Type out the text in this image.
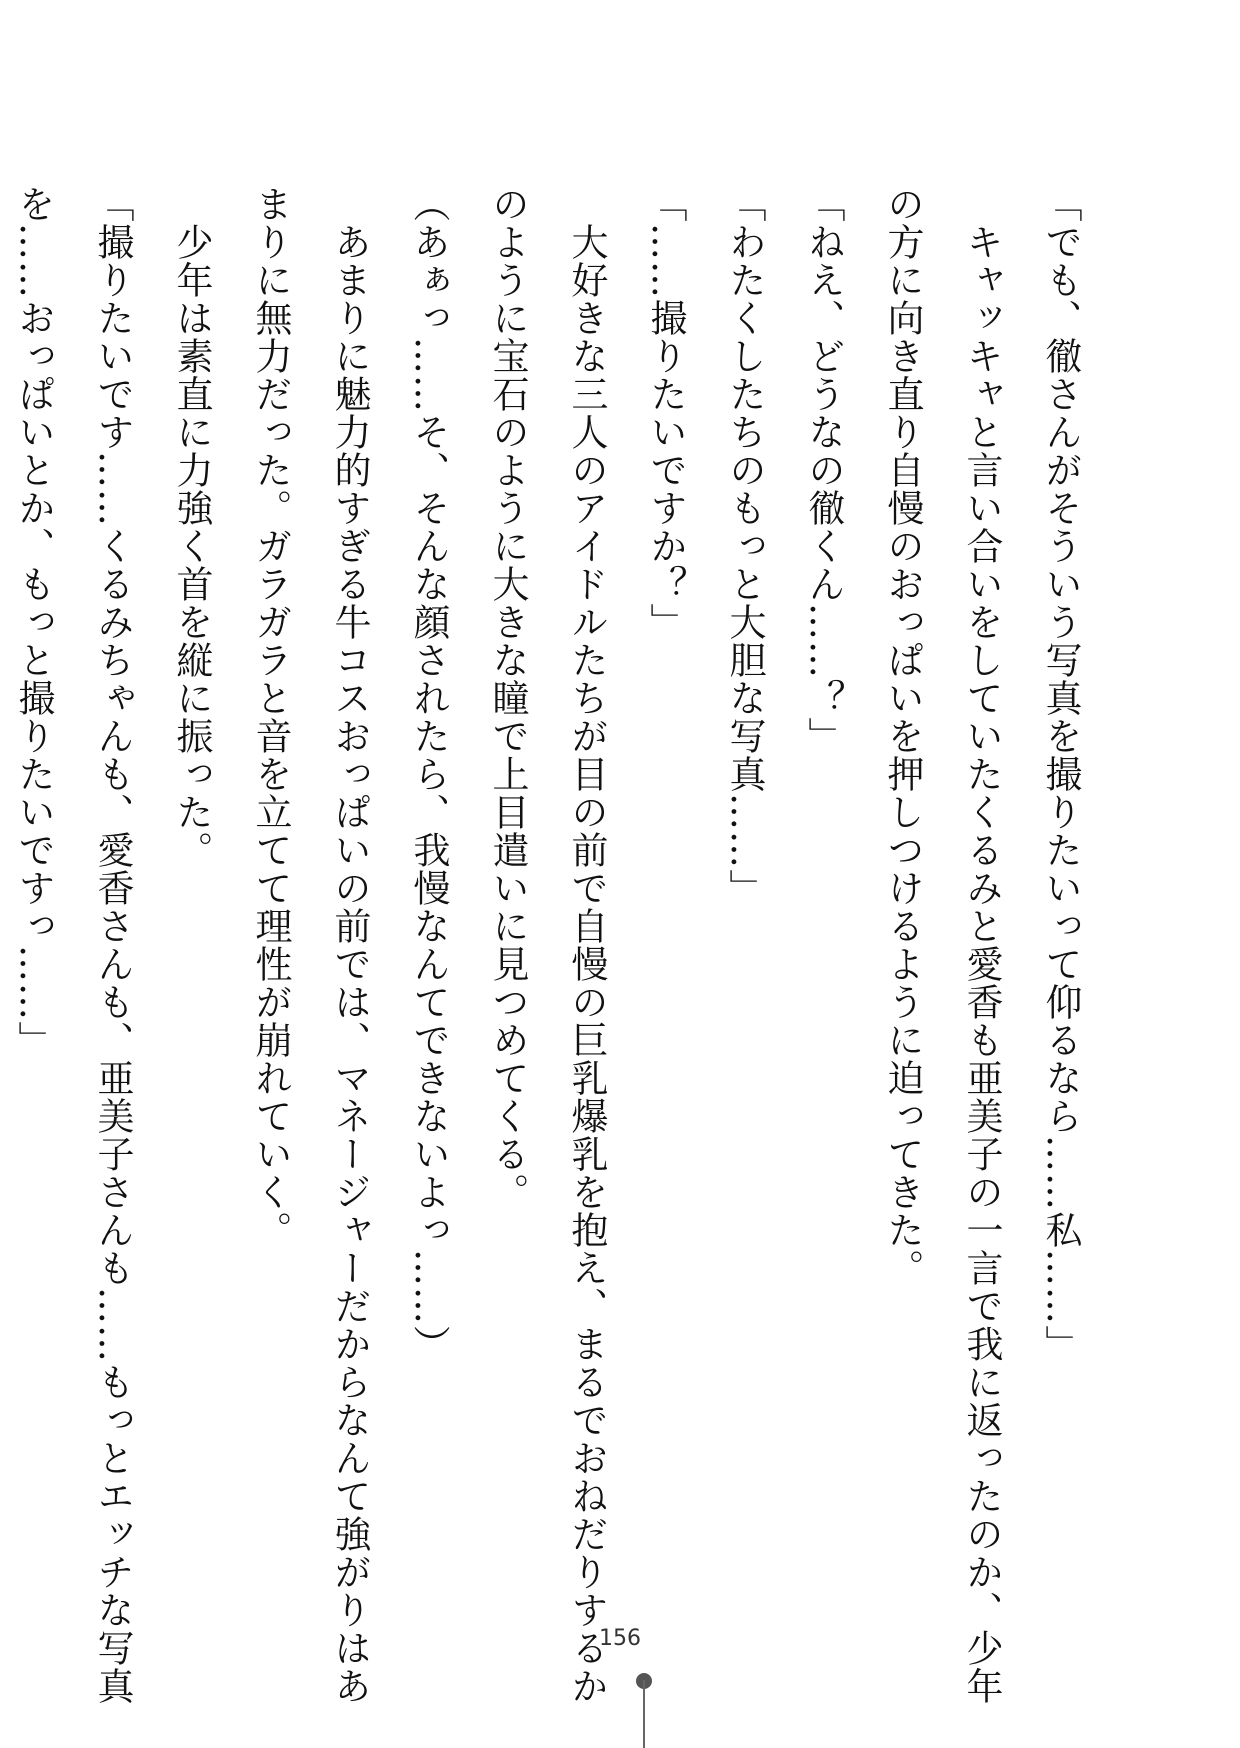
「でも、徹さんがそういう写真を撮りたいって仰るなら……私……」
　キャッキャと言い合いをしていたくるみと愛香も亜美子の一言で我に返ったのか、少年
の方に向き直り自慢のおっぱいを押しつけるように迫ってきた。
「ねえ、どうなの徹くん……？」
「わたくしたちのもっと大胆な写真……」
「……撮りたいですか？」
　大好きな三人のアイドルたちが目の前で自慢の巨乳爆乳を抱え、まるでおねだりするか
のように宝石のように大きな瞳で上目遣いに見つめてくる。
（あぁっ……そ、そんな顔されたら、我慢なんてできないよっ……）
　あまりに魅力的すぎる牛コスおっぱいの前では、マネージャーだからなんて強がりはあ
まりに無力だった。ガラガラと音を立てて理性が崩れていく。
　少年は素直に力強く首を縦に振った。
「撮りたいです……くるみちゃんも、愛香さんも、亜美子さんも……もっとエッチな写真
を……おっぱいとか、もっと撮りたいですっ……」
156
